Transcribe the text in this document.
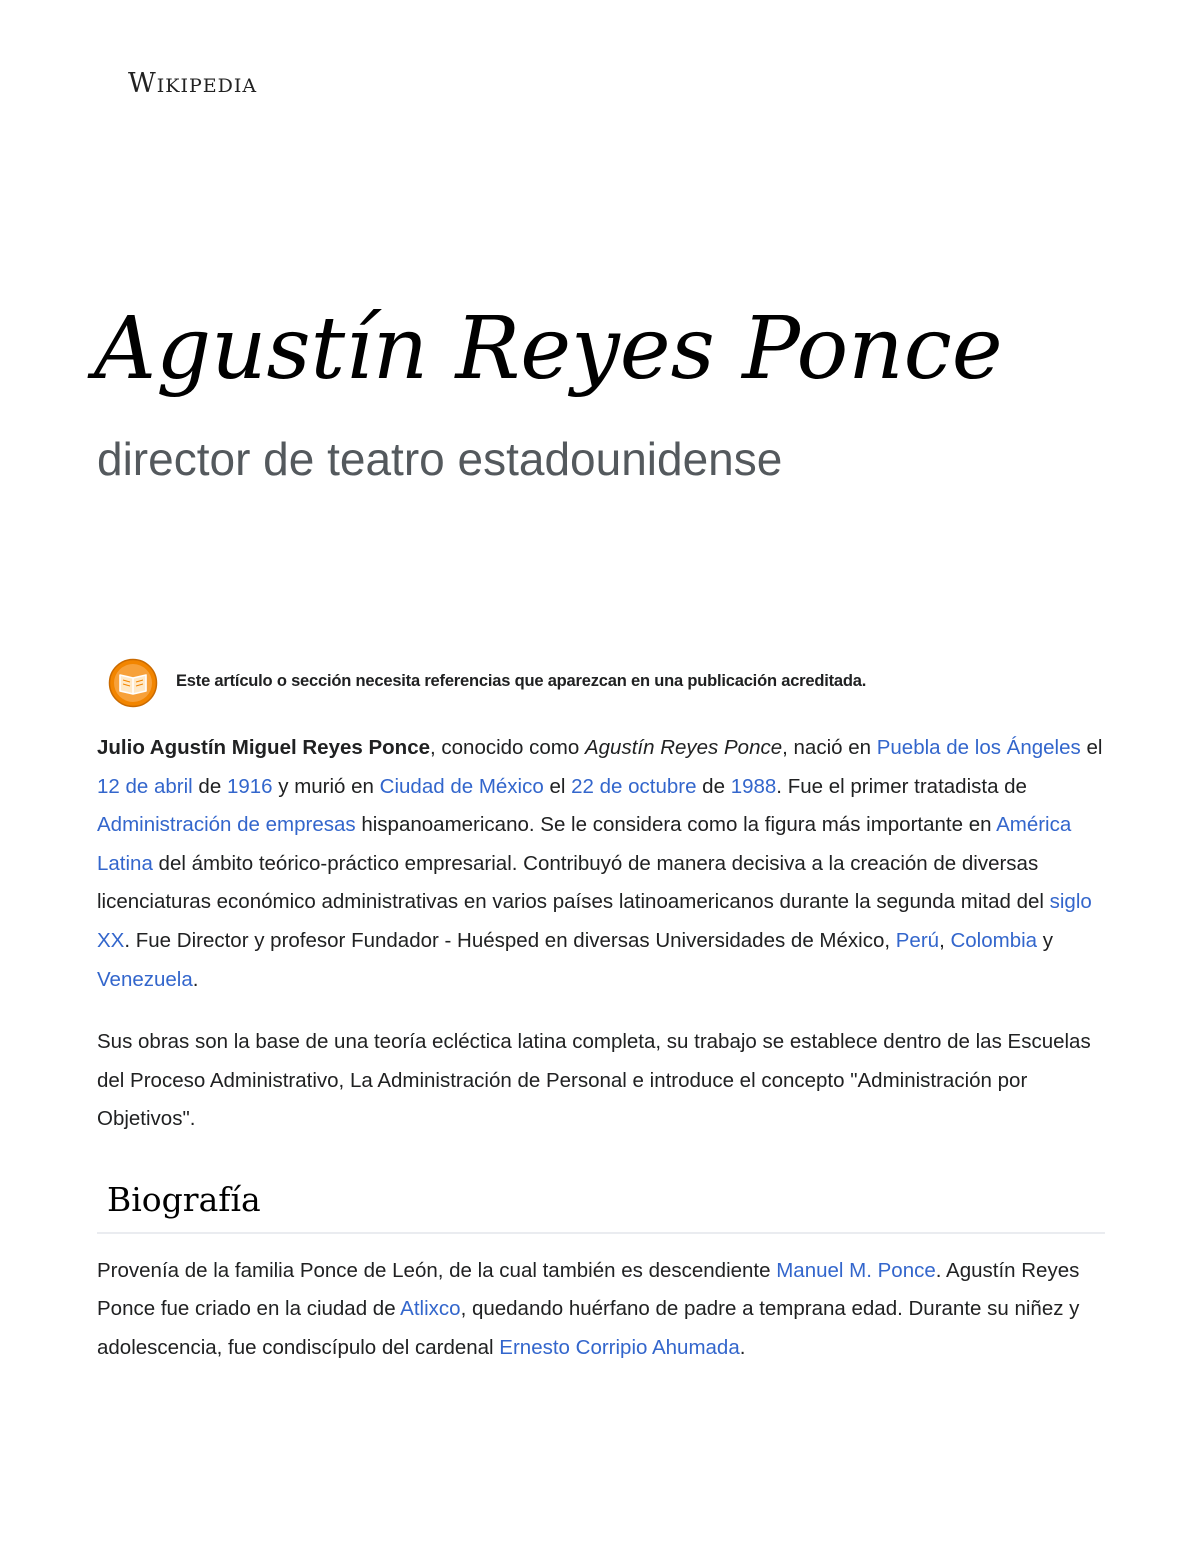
Wikipedia
Agustín Reyes Ponce
director de teatro estadounidense
Este artículo o sección necesita referencias que aparezcan en una publicación acreditada.

Julio Agustín Miguel Reyes Ponce, conocido como Agustín Reyes Ponce, nació en Puebla de los Ángeles el 12 de abril de 1916 y murió en Ciudad de México el 22 de octubre de 1988. Fue el primer tratadista de Administración de empresas hispanoamericano. Se le considera como la figura más importante en América Latina del ámbito teórico-práctico empresarial. Contribuyó de manera decisiva a la creación de diversas licenciaturas económico administrativas en varios países latinoamericanos durante la segunda mitad del siglo XX. Fue Director y profesor Fundador - Huésped en diversas Universidades de México, Perú, Colombia y Venezuela.

Sus obras son la base de una teoría ecléctica latina completa, su trabajo se establece dentro de las Escuelas del Proceso Administrativo, La Administración de Personal e introduce el concepto "Administración por Objetivos".

Biografía

Provenía de la familia Ponce de León, de la cual también es descendiente Manuel M. Ponce. Agustín Reyes Ponce fue criado en la ciudad de Atlixco, quedando huérfano de padre a temprana edad. Durante su niñez y adolescencia, fue condiscípulo del cardenal Ernesto Corripio Ahumada.
